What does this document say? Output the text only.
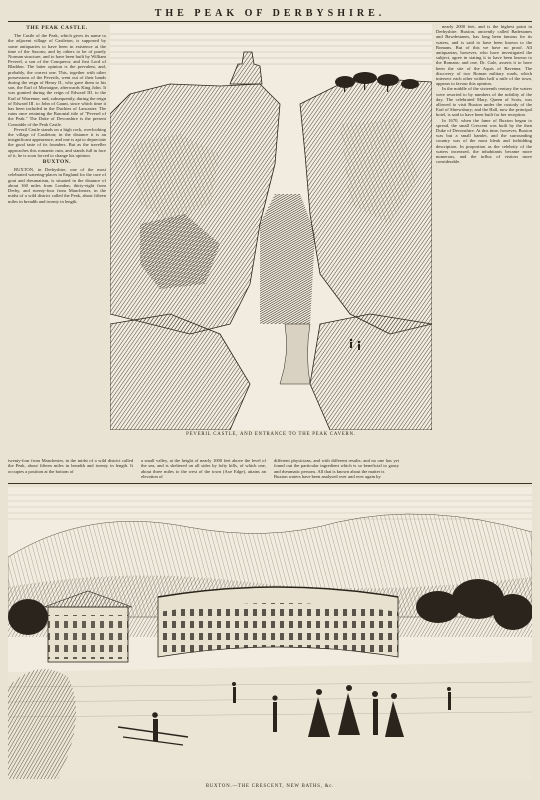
THE PEAK OF DERBYSHIRE.
THE PEAK CASTLE.

The Castle of the Peak, which gives its name to the adjacent village of Castleton, is supposed by some antiquaries to have been in existence at the time of the Saxons; and by others to be of purely Norman structure, and to have been built by William Peverel, a son of the Conqueror, and first Lord of Bladdon. The latter opinion is the prevalent, and, probably, the correct one. This, together with other possessions of the Peverils, went out of their hands during the reign of Henry II., who gave them to his son, the Earl of Mortaigne, afterwards King John. It was granted during the reign of Edward III. to the Earl of Warrenne, and, subsequently, during the reign of Edward III. to John of Gaunt, since which time it has been included in the Duchies of Lancaster. The ruins once retaining the Baronial title of "Peverel of the Peak." The Duke of Devonshire is the present Constable of the Peak Castle.

Peveril Castle stands on a high rock, overlooking the village of Castleton; in the distance it is an insignificant appearance, and one is apt to depreciate the good taste of its founders. But as the traveller approaches this romantic ruin, and stands full in face of it, he is soon forced to change his opinion.

BUXTON.

BUXTON, in Derbyshire, one of the most celebrated watering-places in England for the cure of gout and rheumatism, is situated in the distance of about 160 miles from London, thirty-eight from Derby, and twenty-four from Manchester, in the midst of a wild district called the Peak, about fifteen miles in breadth and twenty in length.

PEVERIL CASTLE, AND ENTRANCE TO THE PEAK CAVERN.

nearly 2000 feet, and is the highest point in Derbyshire. Buxton, anciently called Badestanes and Bawdestanes, has long been famous for its waters, and is said to have been known to the Romans. But of this we have no proof. All antiquarian, however, who have investigated the subject, agree in stating it to have been known to the Romans; and one, Dr. Gale, asserts it to have been the site of the Aquis of Ravenna. The discovery of two Roman military roads, which intersect each other within half a mile of the town, appears to favour this opinion.

In the middle of the sixteenth century the waters were resorted to by numbers of the nobility of the day. The celebrated Mary, Queen of Scots, was allowed to visit Buxton under the custody of the Earl of Shrewsbury; and the Hall, now the principal hotel, is said to have been built for her reception.

In 1670, when the fame of Buxton began to spread, the small Crescent was built by the then Duke of Devonshire. At this time, however, Buxton was but a small hamlet, and the surrounding country was of the most bleak and forbidding description. In proportion as the celebrity of the waters increased, the inhabitants became more numerous, and the influx of visitors more considerable.

twenty-four from Manchester, in the midst of a wild district called the Peak, about fifteen miles in breadth and twenty in length. It occupies a position at the bottom of
a small valley, at the height of nearly 1000 feet above the level of the sea, and is sheltered on all sides by lofty hills, of which one, about three miles to the west of the town (Axe Edge), attains an elevation of
different physicians, and with different results; and no one has yet found out the particular ingredient which is so beneficial to gouty and rheumatic persons. All that is known about the matter is
Buxton waters have been analysed over and over again by
BUXTON.—THE CRESCENT, NEW BATHS, &c.
